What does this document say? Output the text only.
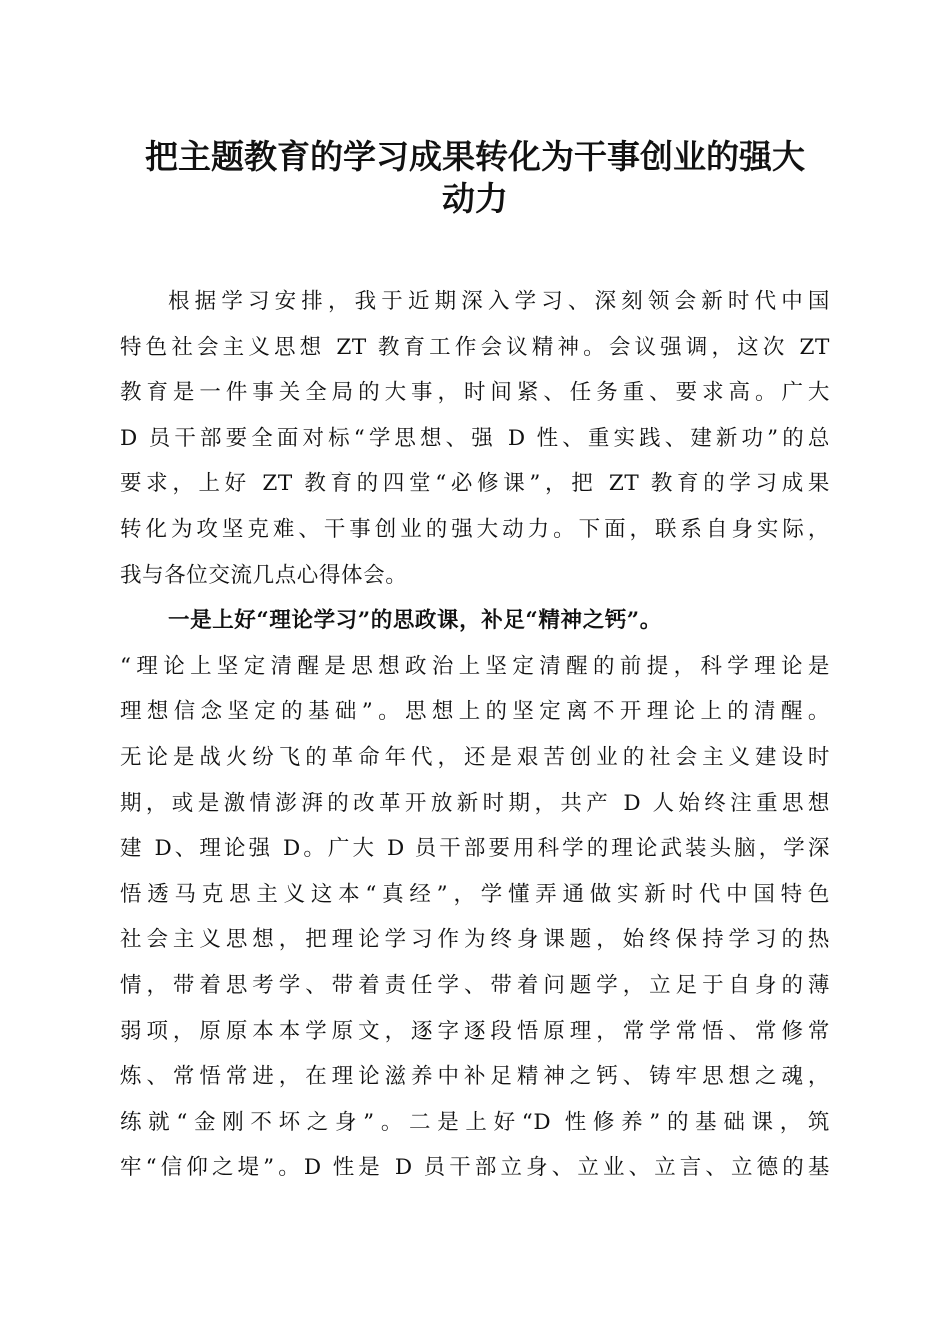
把主题教育的学习成果转化为干事创业的强大
动力
根据学习安排，我于近期深入学习、深刻领会新时代中国
特色社会主义思想 ZT 教育工作会议精神。会议强调，这次 ZT
教育是一件事关全局的大事，时间紧、任务重、要求高。广大
D 员干部要全面对标“学思想、强 D 性、重实践、建新功”的总
要求，上好 ZT 教育的四堂“必修课”，把 ZT 教育的学习成果
转化为攻坚克难、干事创业的强大动力。下面，联系自身实际，
我与各位交流几点心得体会。
一是上好“理论学习”的思政课，补足“精神之钙”。
“理论上坚定清醒是思想政治上坚定清醒的前提，科学理论是
理想信念坚定的基础”。思想上的坚定离不开理论上的清醒。
无论是战火纷飞的革命年代，还是艰苦创业的社会主义建设时
期，或是激情澎湃的改革开放新时期，共产 D 人始终注重思想
建 D、理论强 D。广大 D 员干部要用科学的理论武装头脑，学深
悟透马克思主义这本“真经”，学懂弄通做实新时代中国特色
社会主义思想，把理论学习作为终身课题，始终保持学习的热
情，带着思考学、带着责任学、带着问题学，立足于自身的薄
弱项，原原本本学原文，逐字逐段悟原理，常学常悟、常修常
炼、常悟常进，在理论滋养中补足精神之钙、铸牢思想之魂，
练就“金刚不坏之身”。二是上好“D 性修养”的基础课，筑
牢“信仰之堤”。D 性是 D 员干部立身、立业、立言、立德的基
